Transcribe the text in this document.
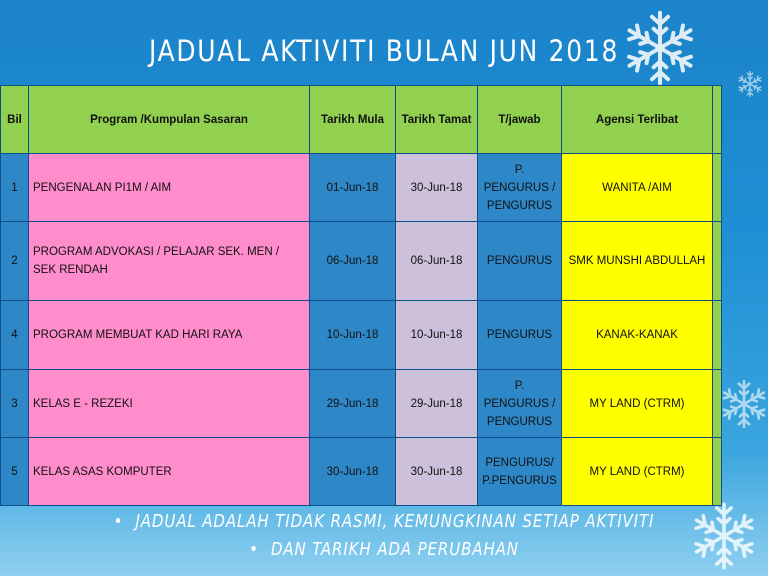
JADUAL AKTIVITI BULAN JUN 2018
Bil	Program /Kumpulan Sasaran	Tarikh Mula	Tarikh Tamat	T/jawab	Agensi Terlibat	
1	PENGENALAN PI1M / AIM	01-Jun-18	30-Jun-18	P. PENGURUS / PENGURUS	WANITA /AIM	
2	PROGRAM ADVOKASI / PELAJAR SEK. MEN / SEK RENDAH	06-Jun-18	06-Jun-18	PENGURUS	SMK MUNSHI ABDULLAH	
4	PROGRAM MEMBUAT KAD HARI RAYA	10-Jun-18	10-Jun-18	PENGURUS	KANAK-KANAK	
3	KELAS E - REZEKI	29-Jun-18	29-Jun-18	P. PENGURUS / PENGURUS	MY LAND (CTRM)	
5	KELAS ASAS KOMPUTER	30-Jun-18	30-Jun-18	PENGURUS/ P.PENGURUS	MY LAND (CTRM)	
• JADUAL ADALAH TIDAK RASMI, KEMUNGKINAN SETIAP AKTIVITI
• DAN TARIKH ADA PERUBAHAN
